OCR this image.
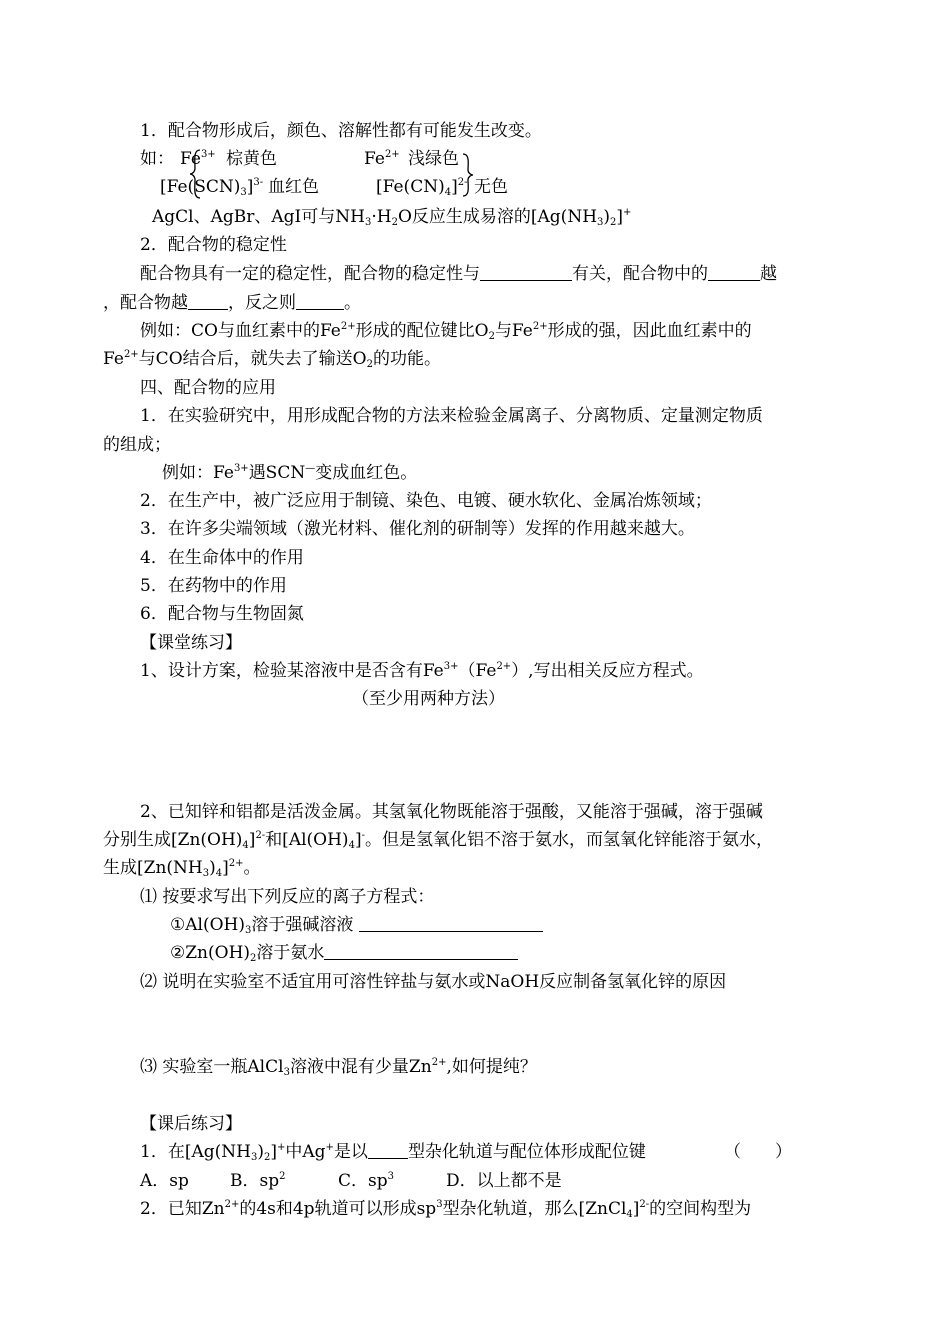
1．配合物形成后，颜色、溶解性都有可能发生改变。
如： $Fe^{3+}$ 棕黄色	$Fe^{2+}$ 浅绿色
$[Fe(SCN)_3]^{3-}$ 血红色	$[Fe(CN)_4]^{2-}$ 无色
AgCl、AgBr、AgI可与$NH_3\cdot H_2O$反应生成易溶的$[Ag(NH_3)_2]^+$
2．配合物的稳定性
配合物具有一定的稳定性，配合物的稳定性与	有关，配合物中的	越
，配合物越 ，反之则	。
例如：CO与血红素中的$Fe^{2+}$形成的配位键比$O_2$与$Fe^{2+}$形成的强，因此血红素中的
$Fe^{2+}$与CO结合后，就失去了输送$O_2$的功能。
四、配合物的应用
1．在实验研究中，用形成配合物的方法来检验金属离子、分离物质、定量测定物质
的组成；
例如：$Fe^{3+}$遇SCN—变成血红色。
2．在生产中，被广泛应用于制镜、染色、电镀、硬水软化、金属冶炼领域；
3．在许多尖端领域（激光材料、催化剂的研制等）发挥的作用越来越大。
4．在生命体中的作用
5．在药物中的作用
6．配合物与生物固氮
【课堂练习】
1、设计方案，检验某溶液中是否含有$Fe^{3+}(Fe^{2+})$,写出相关反应方程式。
（至少用两种方法）
2、已知锌和铝都是活泼金属。其氢氧化物既能溶于强酸，又能溶于强碱，溶于强碱
分别生成$[Zn(OH)_4]^{2-}$和$[Al(OH)_4]^-$。但是氢氧化铝不溶于氨水，而氢氧化锌能溶于氨水，
生成$[Zn(NH_3)_4]^{2+}$。
⑴ 按要求写出下列反应的离子方程式：
$①Al(OH)_3$溶于强碱溶液
$②Zn(OH)_2$溶于氨水
⑵ 说明在实验室不适宜用可溶性锌盐与氨水或NaOH反应制备氢氧化锌的原因
⑶ 实验室一瓶AlCl$_3$溶液中混有少量$Zn^{2+}$,如何提纯？
【课后练习】
1．在$[Ag(NH_3)_2]^+$中Ag+是以 型杂化轨道与配位体形成配位键	（　　）
A．sp B．$sp^2$	C．$sp^3$	D．以上都不是
2．已知$Zn^{2+}$的4s和4p轨道可以形成$sp^3$型杂化轨道，那么[ZnCl$_4$]$^{2-}$的空间构型为
